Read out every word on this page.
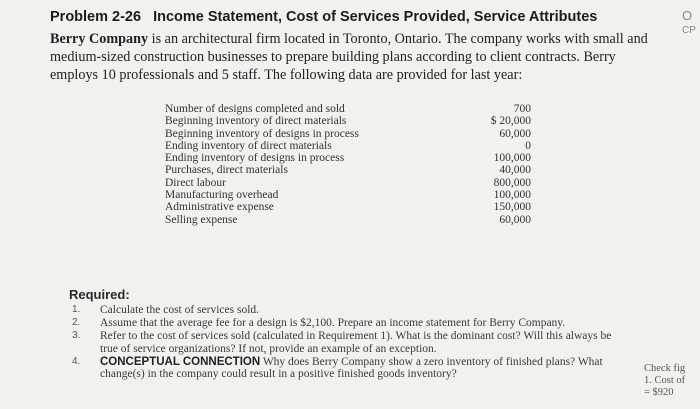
Problem 2-26 Income Statement, Cost of Services Provided, Service Attributes	O
CP
Berry Company is an architectural firm located in Toronto, Ontario. The company works with small and medium-sized construction businesses to prepare building plans according to client contracts. Berry employs 10 professionals and 5 staff. The following data are provided for last year:
Number of designs completed and sold	700
Beginning inventory of direct materials	$ 20,000
Beginning inventory of designs in process	60,000
Ending inventory of direct materials	0
Ending inventory of designs in process	100,000
Purchases, direct materials	40,000
Direct labour	800,000
Manufacturing overhead	100,000
Administrative expense	150,000
Selling expense	60,000
Required:
1.	Calculate the cost of services sold.
2.	Assume that the average fee for a design is $2,100. Prepare an income statement for Berry Company.
3.	Refer to the cost of services sold (calculated in Requirement 1). What is the dominant cost? Will this always be true of service organizations? If not, provide an example of an exception.
4.	CONCEPTUAL CONNECTION Why does Berry Company show a zero inventory of finished plans? What change(s) in the company could result in a positive finished goods inventory?	Check fig
1. Cost of
= $920
